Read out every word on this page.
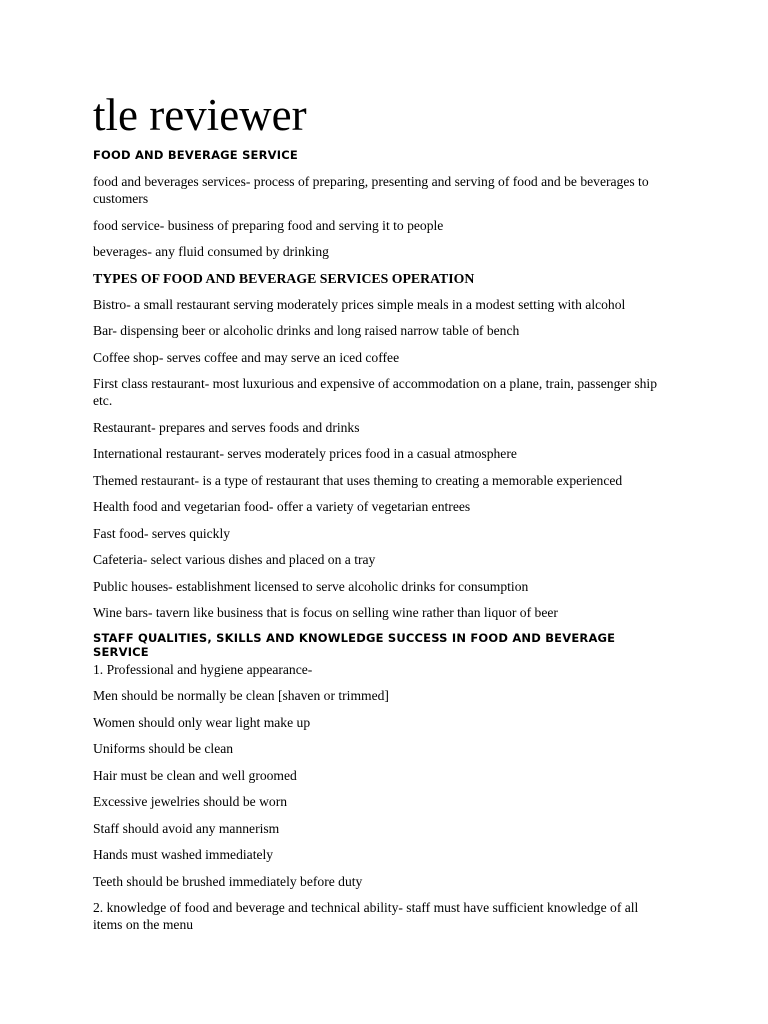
tle reviewer
FOOD AND BEVERAGE SERVICE

food and beverages services- process of preparing, presenting and serving of food and be beverages to customers

food service- business of preparing food and serving it to people

beverages- any fluid consumed by drinking

TYPES OF FOOD AND BEVERAGE SERVICES OPERATION

Bistro- a small restaurant serving moderately prices simple meals in a modest setting with alcohol

Bar- dispensing beer or alcoholic drinks and long raised narrow table of bench

Coffee shop- serves coffee and may serve an iced coffee

First class restaurant- most luxurious and expensive of accommodation on a plane, train, passenger ship etc.

Restaurant- prepares and serves foods and drinks

International restaurant- serves moderately prices food in a casual atmosphere

Themed restaurant- is a type of restaurant that uses theming to creating a memorable experienced

Health food and vegetarian food- offer a variety of vegetarian entrees

Fast food- serves quickly

Cafeteria- select various dishes and placed on a tray

Public houses- establishment licensed to serve alcoholic drinks for consumption

Wine bars- tavern like business that is focus on selling wine rather than liquor of beer

STAFF QUALITIES, SKILLS AND KNOWLEDGE SUCCESS IN FOOD AND BEVERAGE SERVICE

1. Professional and hygiene appearance-

Men should be normally be clean [shaven or trimmed]

Women should only wear light make up

Uniforms should be clean

Hair must be clean and well groomed

Excessive jewelries should be worn

Staff should avoid any mannerism

Hands must washed immediately

Teeth should be brushed immediately before duty

2. knowledge of food and beverage and technical ability- staff must have sufficient knowledge of all items on the menu
